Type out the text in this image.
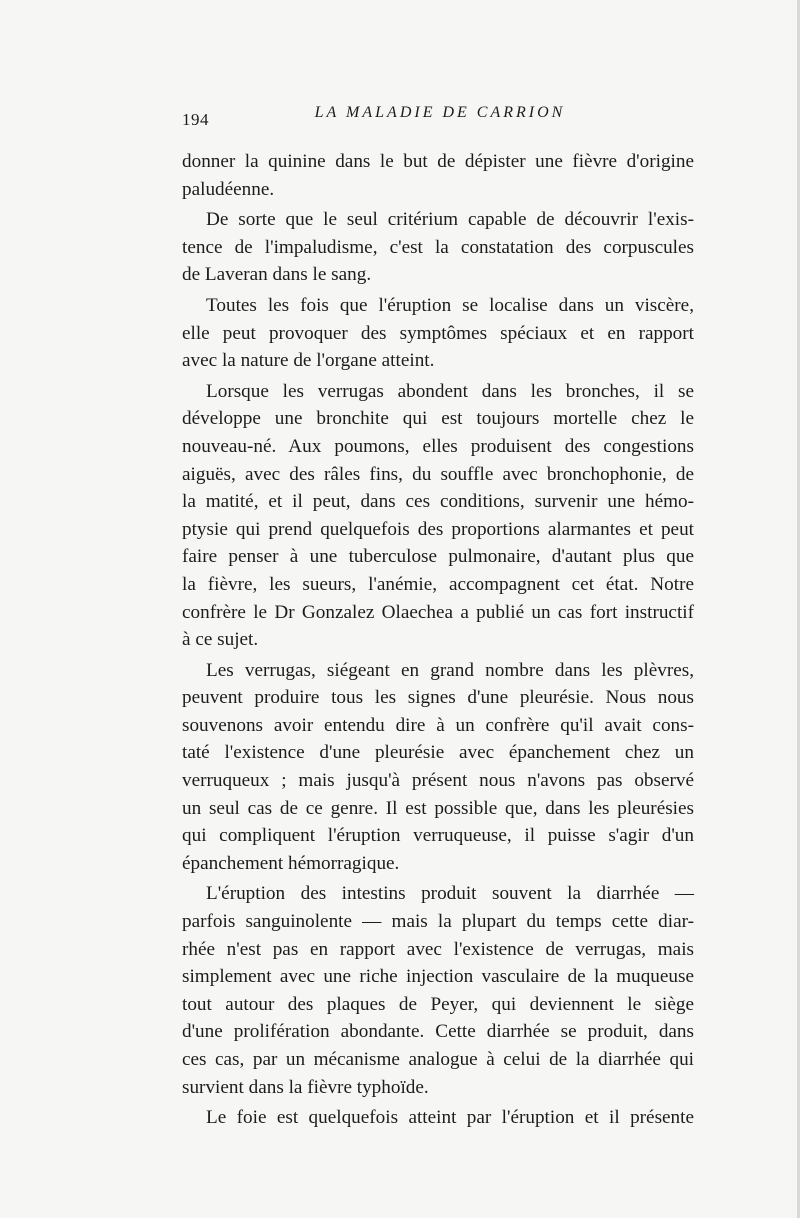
194	LA MALADIE DE CARRION
donner la quinine dans le but de dépister une fièvre d'origine
paludéenne.
De sorte que le seul critérium capable de découvrir l'exis-
tence de l'impaludisme, c'est la constatation des corpuscules
de Laveran dans le sang.
Toutes les fois que l'éruption se localise dans un viscère,
elle peut provoquer des symptômes spéciaux et en rapport
avec la nature de l'organe atteint.
Lorsque les verrugas abondent dans les bronches, il se
développe une bronchite qui est toujours mortelle chez le
nouveau-né. Aux poumons, elles produisent des congestions
aiguës, avec des râles fins, du souffle avec bronchophonie, de
la matité, et il peut, dans ces conditions, survenir une hémo-
ptysie qui prend quelquefois des proportions alarmantes et peut
faire penser à une tuberculose pulmonaire, d'autant plus que
la fièvre, les sueurs, l'anémie, accompagnent cet état. Notre
confrère le Dr Gonzalez Olaechea a publié un cas fort instructif
à ce sujet.
Les verrugas, siégeant en grand nombre dans les plèvres,
peuvent produire tous les signes d'une pleurésie. Nous nous
souvenons avoir entendu dire à un confrère qu'il avait cons-
taté l'existence d'une pleurésie avec épanchement chez un
verruqueux ; mais jusqu'à présent nous n'avons pas observé
un seul cas de ce genre. Il est possible que, dans les pleurésies
qui compliquent l'éruption verruqueuse, il puisse s'agir d'un
épanchement hémorragique.
L'éruption des intestins produit souvent la diarrhée —
parfois sanguinolente — mais la plupart du temps cette diar-
rhée n'est pas en rapport avec l'existence de verrugas, mais
simplement avec une riche injection vasculaire de la muqueuse
tout autour des plaques de Peyer, qui deviennent le siège
d'une prolifération abondante. Cette diarrhée se produit, dans
ces cas, par un mécanisme analogue à celui de la diarrhée qui
survient dans la fièvre typhoïde.
Le foie est quelquefois atteint par l'éruption et il présente
